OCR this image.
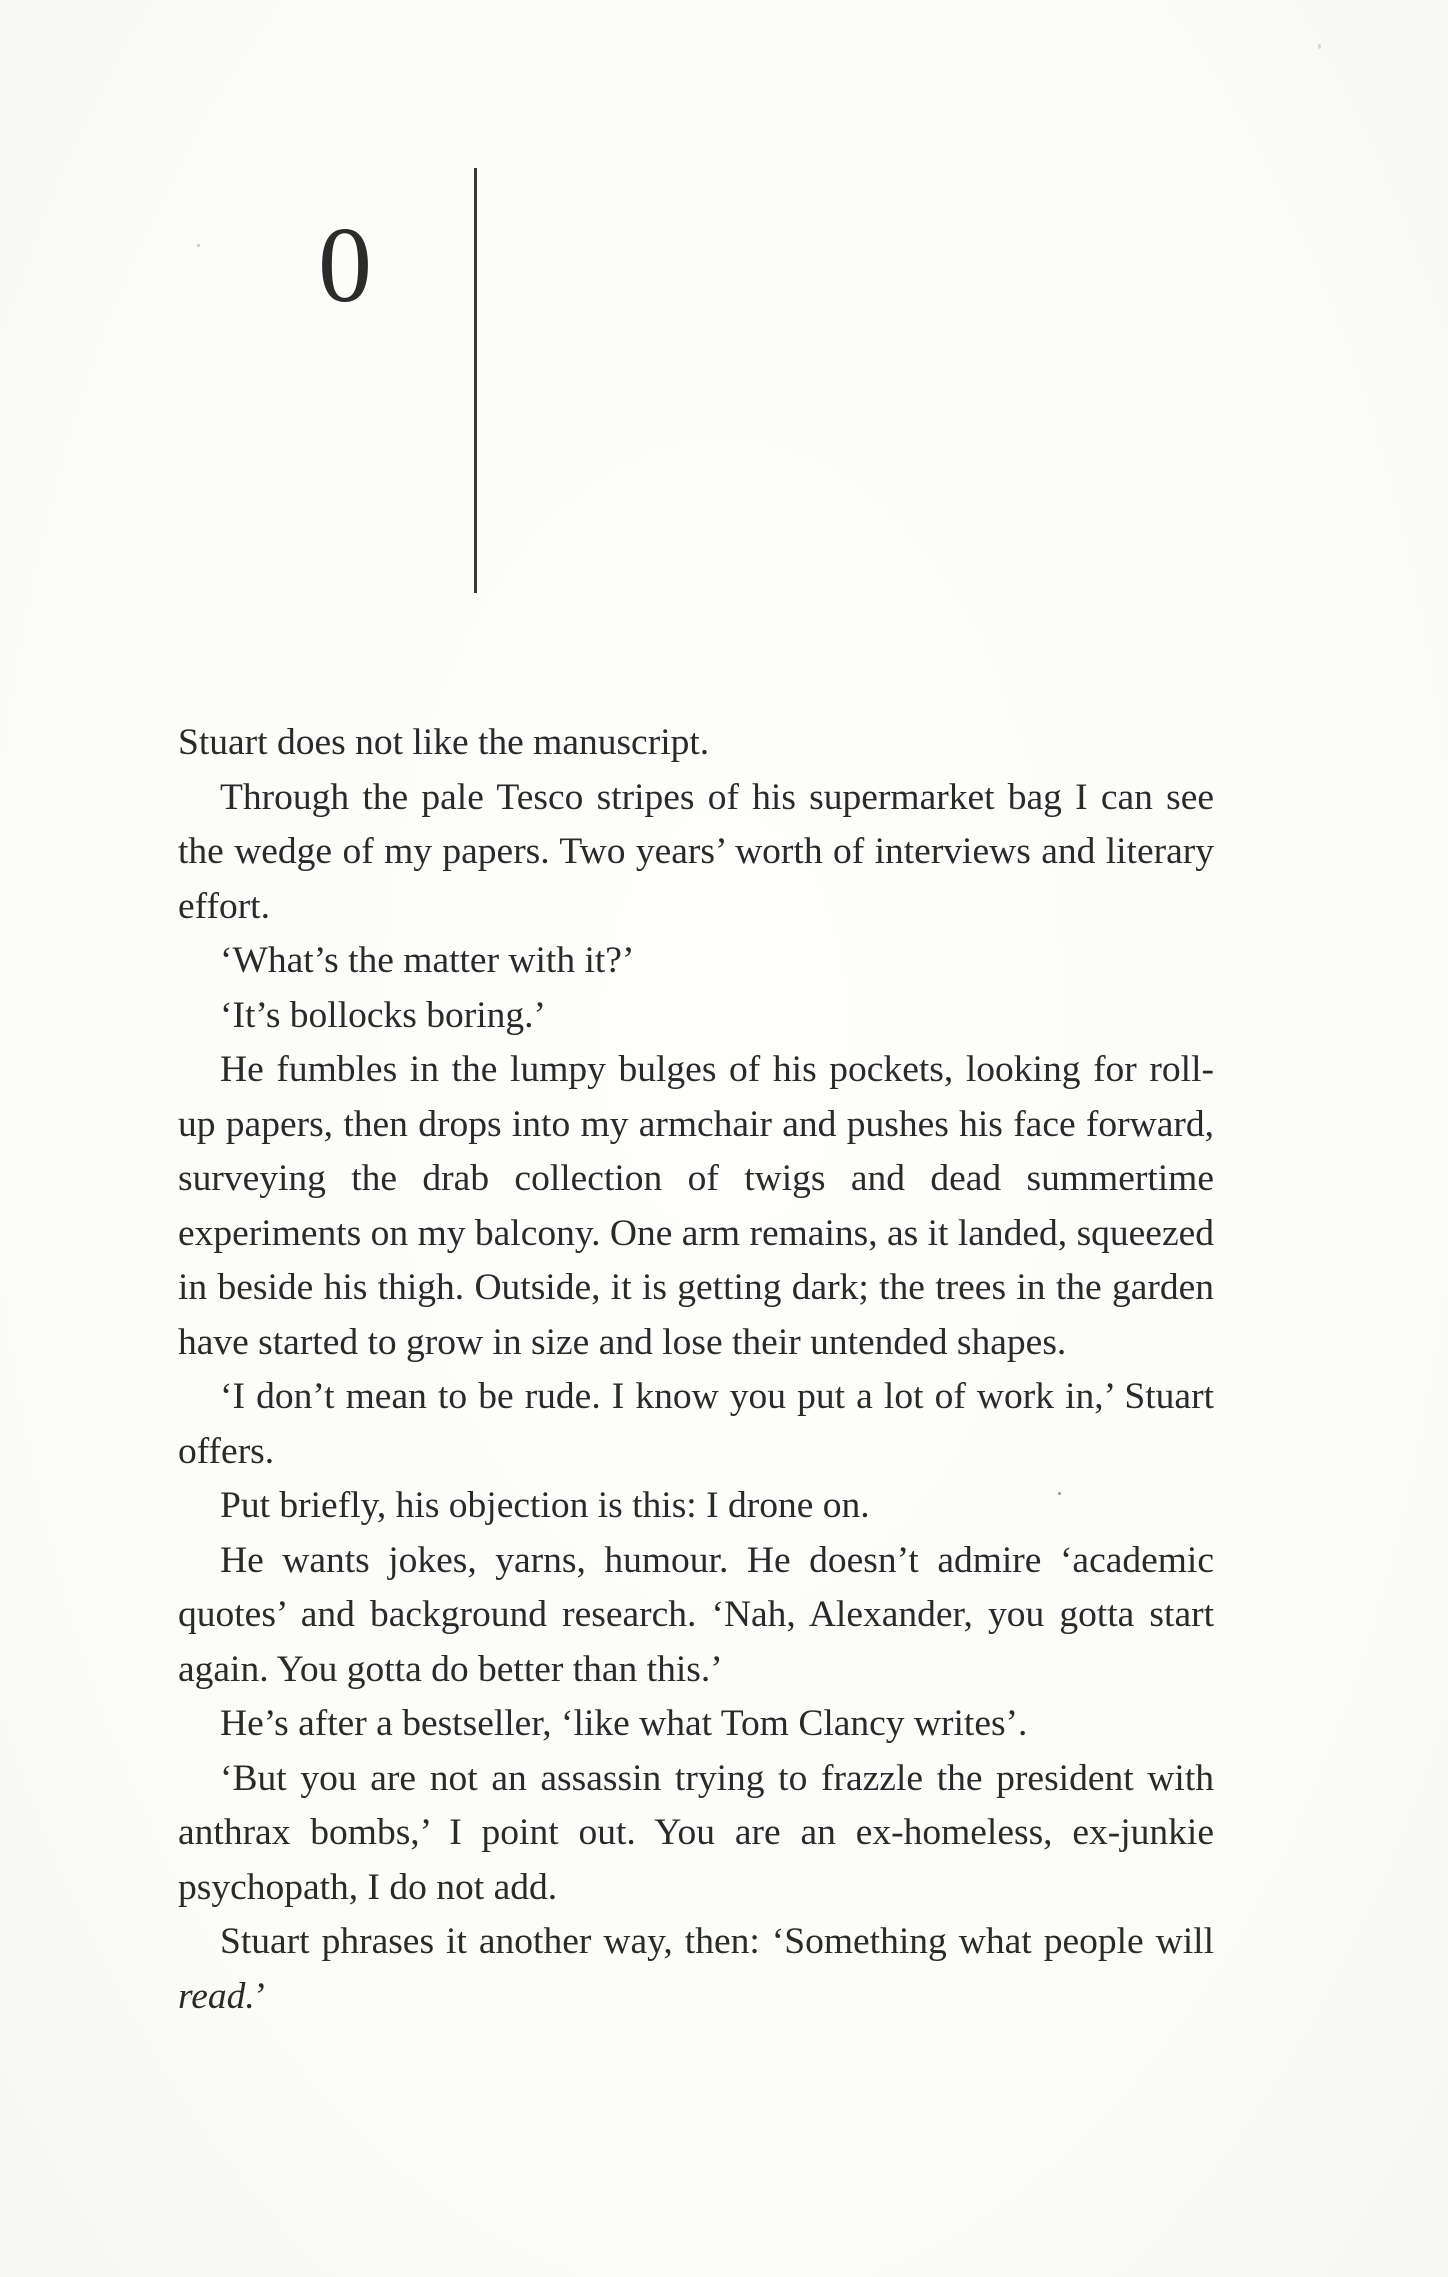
0

Stuart does not like the manuscript.

Through the pale Tesco stripes of his supermarket bag I can see the wedge of my papers. Two years’ worth of interviews and literary effort.

‘What’s the matter with it?’

‘It’s bollocks boring.’

He fumbles in the lumpy bulges of his pockets, looking for roll-up papers, then drops into my armchair and pushes his face forward, surveying the drab collection of twigs and dead summertime experiments on my balcony. One arm remains, as it landed, squeezed in beside his thigh. Outside, it is getting dark; the trees in the garden have started to grow in size and lose their untended shapes.

‘I don’t mean to be rude. I know you put a lot of work in,’ Stuart offers.

Put briefly, his objection is this: I drone on.

He wants jokes, yarns, humour. He doesn’t admire ‘academic quotes’ and background research. ‘Nah, Alexander, you gotta start again. You gotta do better than this.’

He’s after a bestseller, ‘like what Tom Clancy writes’.

‘But you are not an assassin trying to frazzle the president with anthrax bombs,’ I point out. You are an ex-homeless, ex-junkie psychopath, I do not add.

Stuart phrases it another way, then: ‘Something what people will read.’
